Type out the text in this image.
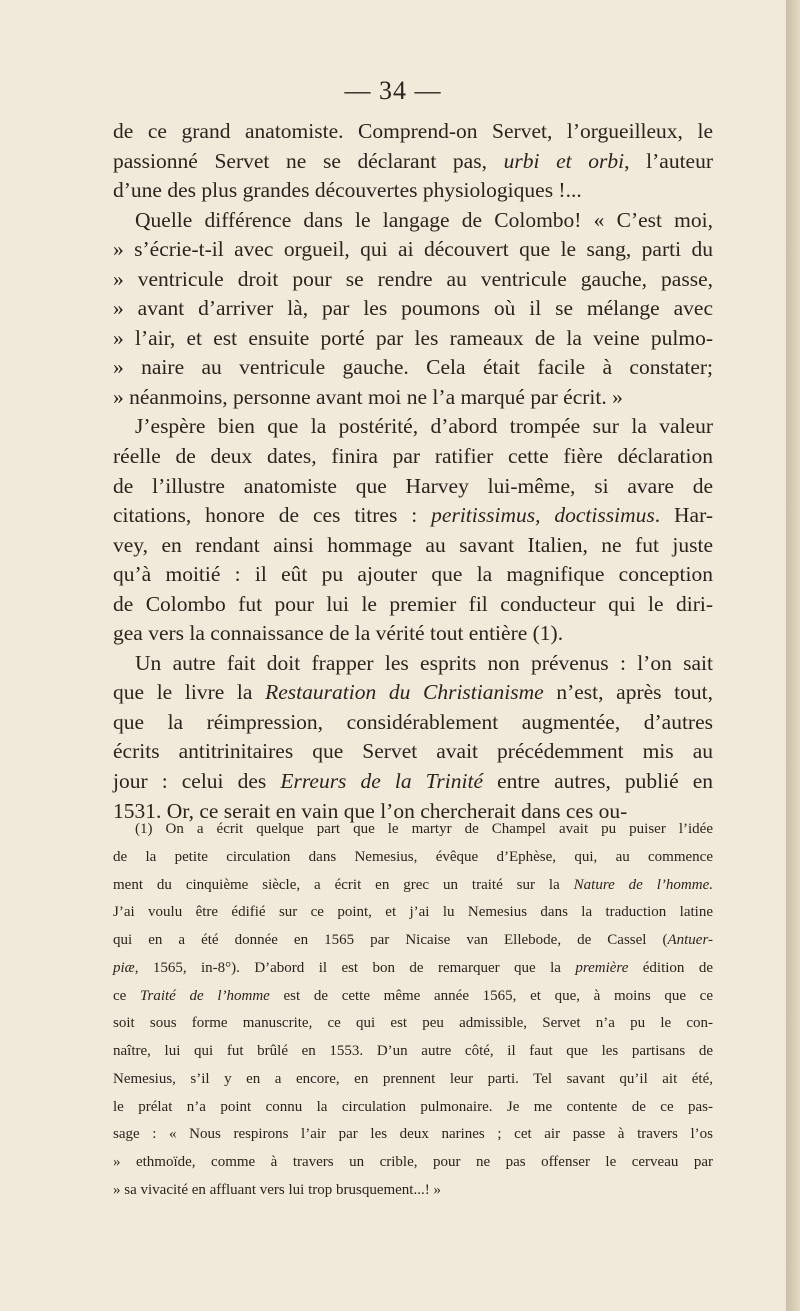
— 34 —
de ce grand anatomiste. Comprend-on Servet, l’orgueilleux, le
passionné Servet ne se déclarant pas, urbi et orbi, l’auteur
d’une des plus grandes découvertes physiologiques !...
Quelle différence dans le langage de Colombo! « C’est moi,
» s’écrie-t-il avec orgueil, qui ai découvert que le sang, parti du
» ventricule droit pour se rendre au ventricule gauche, passe,
» avant d’arriver là, par les poumons où il se mélange avec
» l’air, et est ensuite porté par les rameaux de la veine pulmo-
» naire au ventricule gauche. Cela était facile à constater;
» néanmoins, personne avant moi ne l’a marqué par écrit. »
J’espère bien que la postérité, d’abord trompée sur la valeur
réelle de deux dates, finira par ratifier cette fière déclaration
de l’illustre anatomiste que Harvey lui-même, si avare de
citations, honore de ces titres : peritissimus, doctissimus. Har-
vey, en rendant ainsi hommage au savant Italien, ne fut juste
qu’à moitié : il eût pu ajouter que la magnifique conception
de Colombo fut pour lui le premier fil conducteur qui le diri-
gea vers la connaissance de la vérité tout entière (1).
Un autre fait doit frapper les esprits non prévenus : l’on sait
que le livre la Restauration du Christianisme n’est, après tout,
que la réimpression, considérablement augmentée, d’autres
écrits antitrinitaires que Servet avait précédemment mis au
jour : celui des Erreurs de la Trinité entre autres, publié en
1531. Or, ce serait en vain que l’on chercherait dans ces ou-
(1) On a écrit quelque part que le martyr de Champel avait pu puiser l’idée
de la petite circulation dans Nemesius, évêque d’Ephèse, qui, au commence
ment du cinquième siècle, a écrit en grec un traité sur la Nature de l’homme.
J’ai voulu être édifié sur ce point, et j’ai lu Nemesius dans la traduction latine
qui en a été donnée en 1565 par Nicaise van Ellebode, de Cassel (Antuer-
piæ, 1565, in-8°). D’abord il est bon de remarquer que la première édition de
ce Traité de l’homme est de cette même année 1565, et que, à moins que ce
soit sous forme manuscrite, ce qui est peu admissible, Servet n’a pu le con-
naître, lui qui fut brûlé en 1553. D’un autre côté, il faut que les partisans de
Nemesius, s’il y en a encore, en prennent leur parti. Tel savant qu’il ait été,
le prélat n’a point connu la circulation pulmonaire. Je me contente de ce pas-
sage : « Nous respirons l’air par les deux narines ; cet air passe à travers l’os
» ethmoïde, comme à travers un crible, pour ne pas offenser le cerveau par
» sa vivacité en affluant vers lui trop brusquement...! »
